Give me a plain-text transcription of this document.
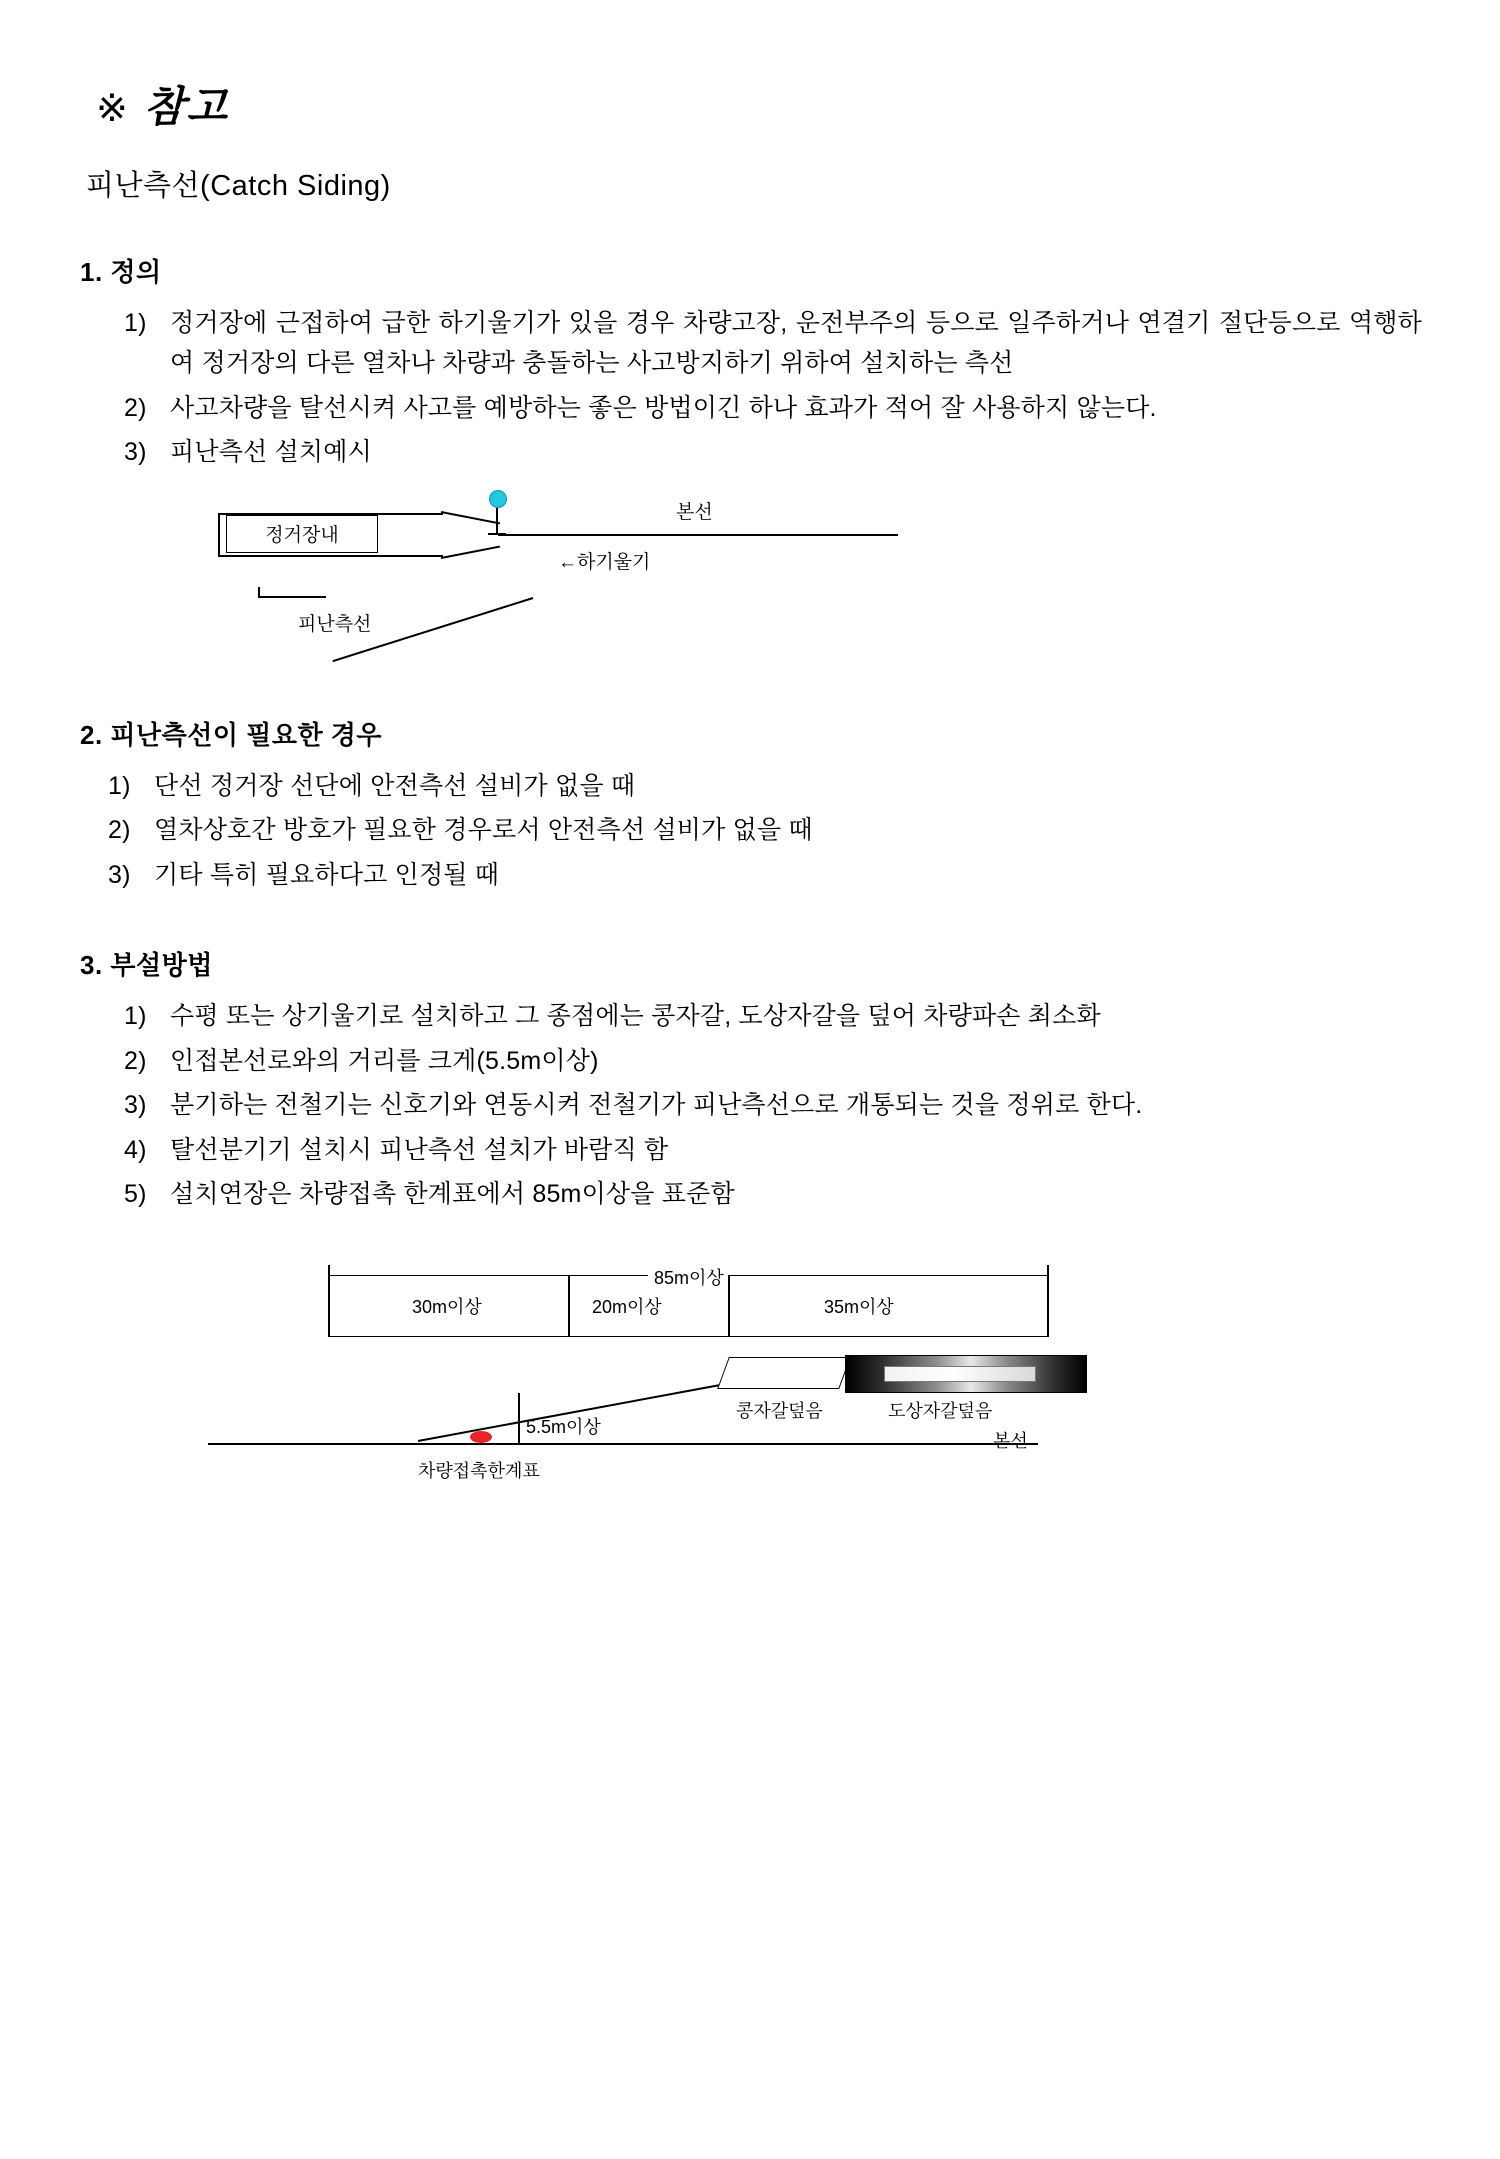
※ 참고
피난측선(Catch Siding)
1. 정의
1) 정거장에 근접하여 급한 하기울기가 있을 경우 차량고장, 운전부주의 등으로 일주하거나 연결기 절단등으로 역행하여 정거장의 다른 열차나 차량과 충돌하는 사고방지하기 위하여 설치하는 측선
2) 사고차량을 탈선시켜 사고를 예방하는 좋은 방법이긴 하나 효과가 적어 잘 사용하지 않는다.
3) 피난측선 설치예시
정거장내
본선
←하기울기
피난측선
2. 피난측선이 필요한 경우
1) 단선 정거장 선단에 안전측선 설비가 없을 때
2) 열차상호간 방호가 필요한 경우로서 안전측선 설비가 없을 때
3) 기타 특히 필요하다고 인정될 때
3. 부설방법
1) 수평 또는 상기울기로 설치하고 그 종점에는 콩자갈, 도상자갈을 덮어 차량파손 최소화
2) 인접본선로와의 거리를 크게(5.5m이상)
3) 분기하는 전철기는 신호기와 연동시켜 전철기가 피난측선으로 개통되는 것을 정위로 한다.
4) 탈선분기기 설치시 피난측선 설치가 바람직 함
5) 설치연장은 차량접촉 한계표에서 85m이상을 표준함
85m이상
30m이상	20m이상	35m이상
5.5m이상
본선
차량접촉한계표
콩자갈덮음	도상자갈덮음
